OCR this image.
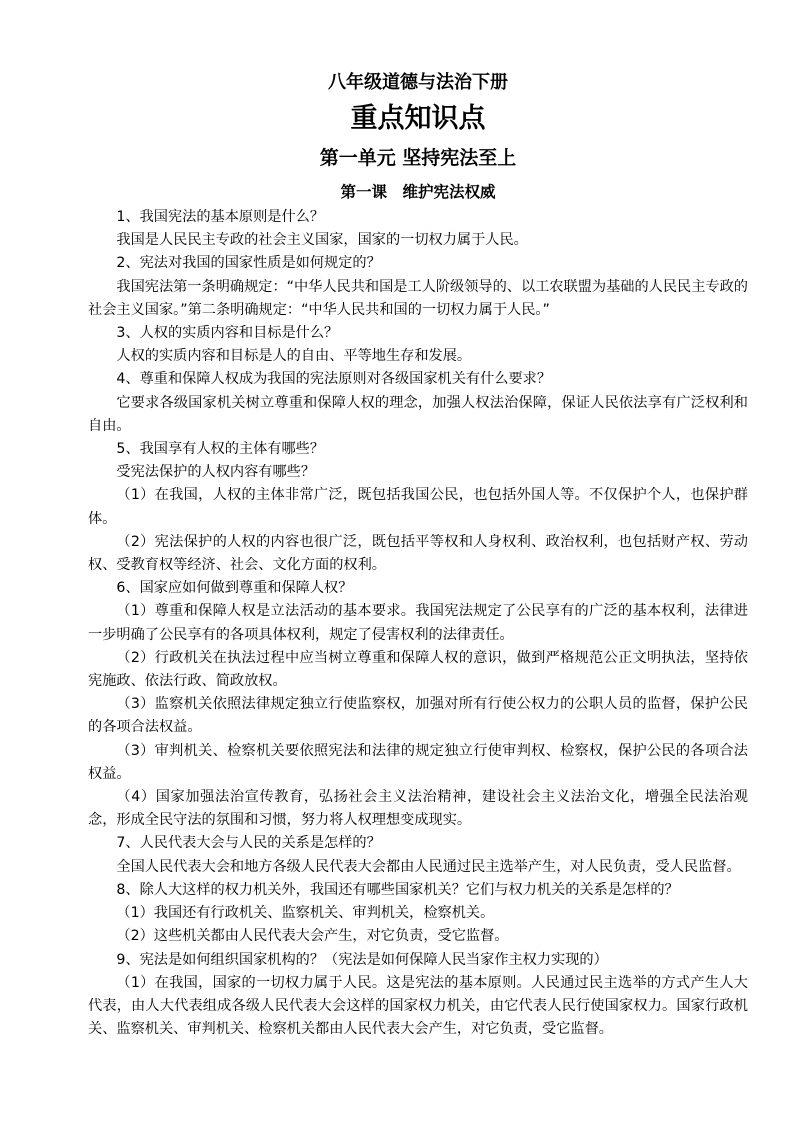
八年级道德与法治下册
重点知识点
第一单元 坚持宪法至上
第一课　维护宪法权威

1、我国宪法的基本原则是什么？

我国是人民民主专政的社会主义国家，国家的一切权力属于人民。

2、宪法对我国的国家性质是如何规定的？

我国宪法第一条明确规定：“中华人民共和国是工人阶级领导的、以工农联盟为基础的人民民主专政的社会主义国家。”第二条明确规定：“中华人民共和国的一切权力属于人民。”

3、人权的实质内容和目标是什么？

人权的实质内容和目标是人的自由、平等地生存和发展。

4、尊重和保障人权成为我国的宪法原则对各级国家机关有什么要求？

它要求各级国家机关树立尊重和保障人权的理念，加强人权法治保障，保证人民依法享有广泛权利和自由。

5、我国享有人权的主体有哪些？

受宪法保护的人权内容有哪些？

（1）在我国，人权的主体非常广泛，既包括我国公民，也包括外国人等。不仅保护个人，也保护群体。

（2）宪法保护的人权的内容也很广泛，既包括平等权和人身权利、政治权利，也包括财产权、劳动权、受教育权等经济、社会、文化方面的权利。

6、国家应如何做到尊重和保障人权？

（1）尊重和保障人权是立法活动的基本要求。我国宪法规定了公民享有的广泛的基本权利，法律进一步明确了公民享有的各项具体权利，规定了侵害权利的法律责任。

（2）行政机关在执法过程中应当树立尊重和保障人权的意识，做到严格规范公正文明执法，坚持依宪施政、依法行政、简政放权。

（3）监察机关依照法律规定独立行使监察权，加强对所有行使公权力的公职人员的监督，保护公民的各项合法权益。

（3）审判机关、检察机关要依照宪法和法律的规定独立行使审判权、检察权，保护公民的各项合法权益。

（4）国家加强法治宣传教育，弘扬社会主义法治精神，建设社会主义法治文化，增强全民法治观念，形成全民守法的氛围和习惯，努力将人权理想变成现实。

7、人民代表大会与人民的关系是怎样的？

全国人民代表大会和地方各级人民代表大会都由人民通过民主选举产生，对人民负责，受人民监督。

8、除人大这样的权力机关外，我国还有哪些国家机关？它们与权力机关的关系是怎样的？

（1）我国还有行政机关、监察机关、审判机关，检察机关。

（2）这些机关都由人民代表大会产生，对它负责，受它监督。

9、宪法是如何组织国家机构的？（宪法是如何保障人民当家作主权力实现的）

（1）在我国，国家的一切权力属于人民。这是宪法的基本原则。人民通过民主选举的方式产生人大代表，由人大代表组成各级人民代表大会这样的国家权力机关，由它代表人民行使国家权力。国家行政机关、监察机关、审判机关、检察机关都由人民代表大会产生，对它负责，受它监督。
